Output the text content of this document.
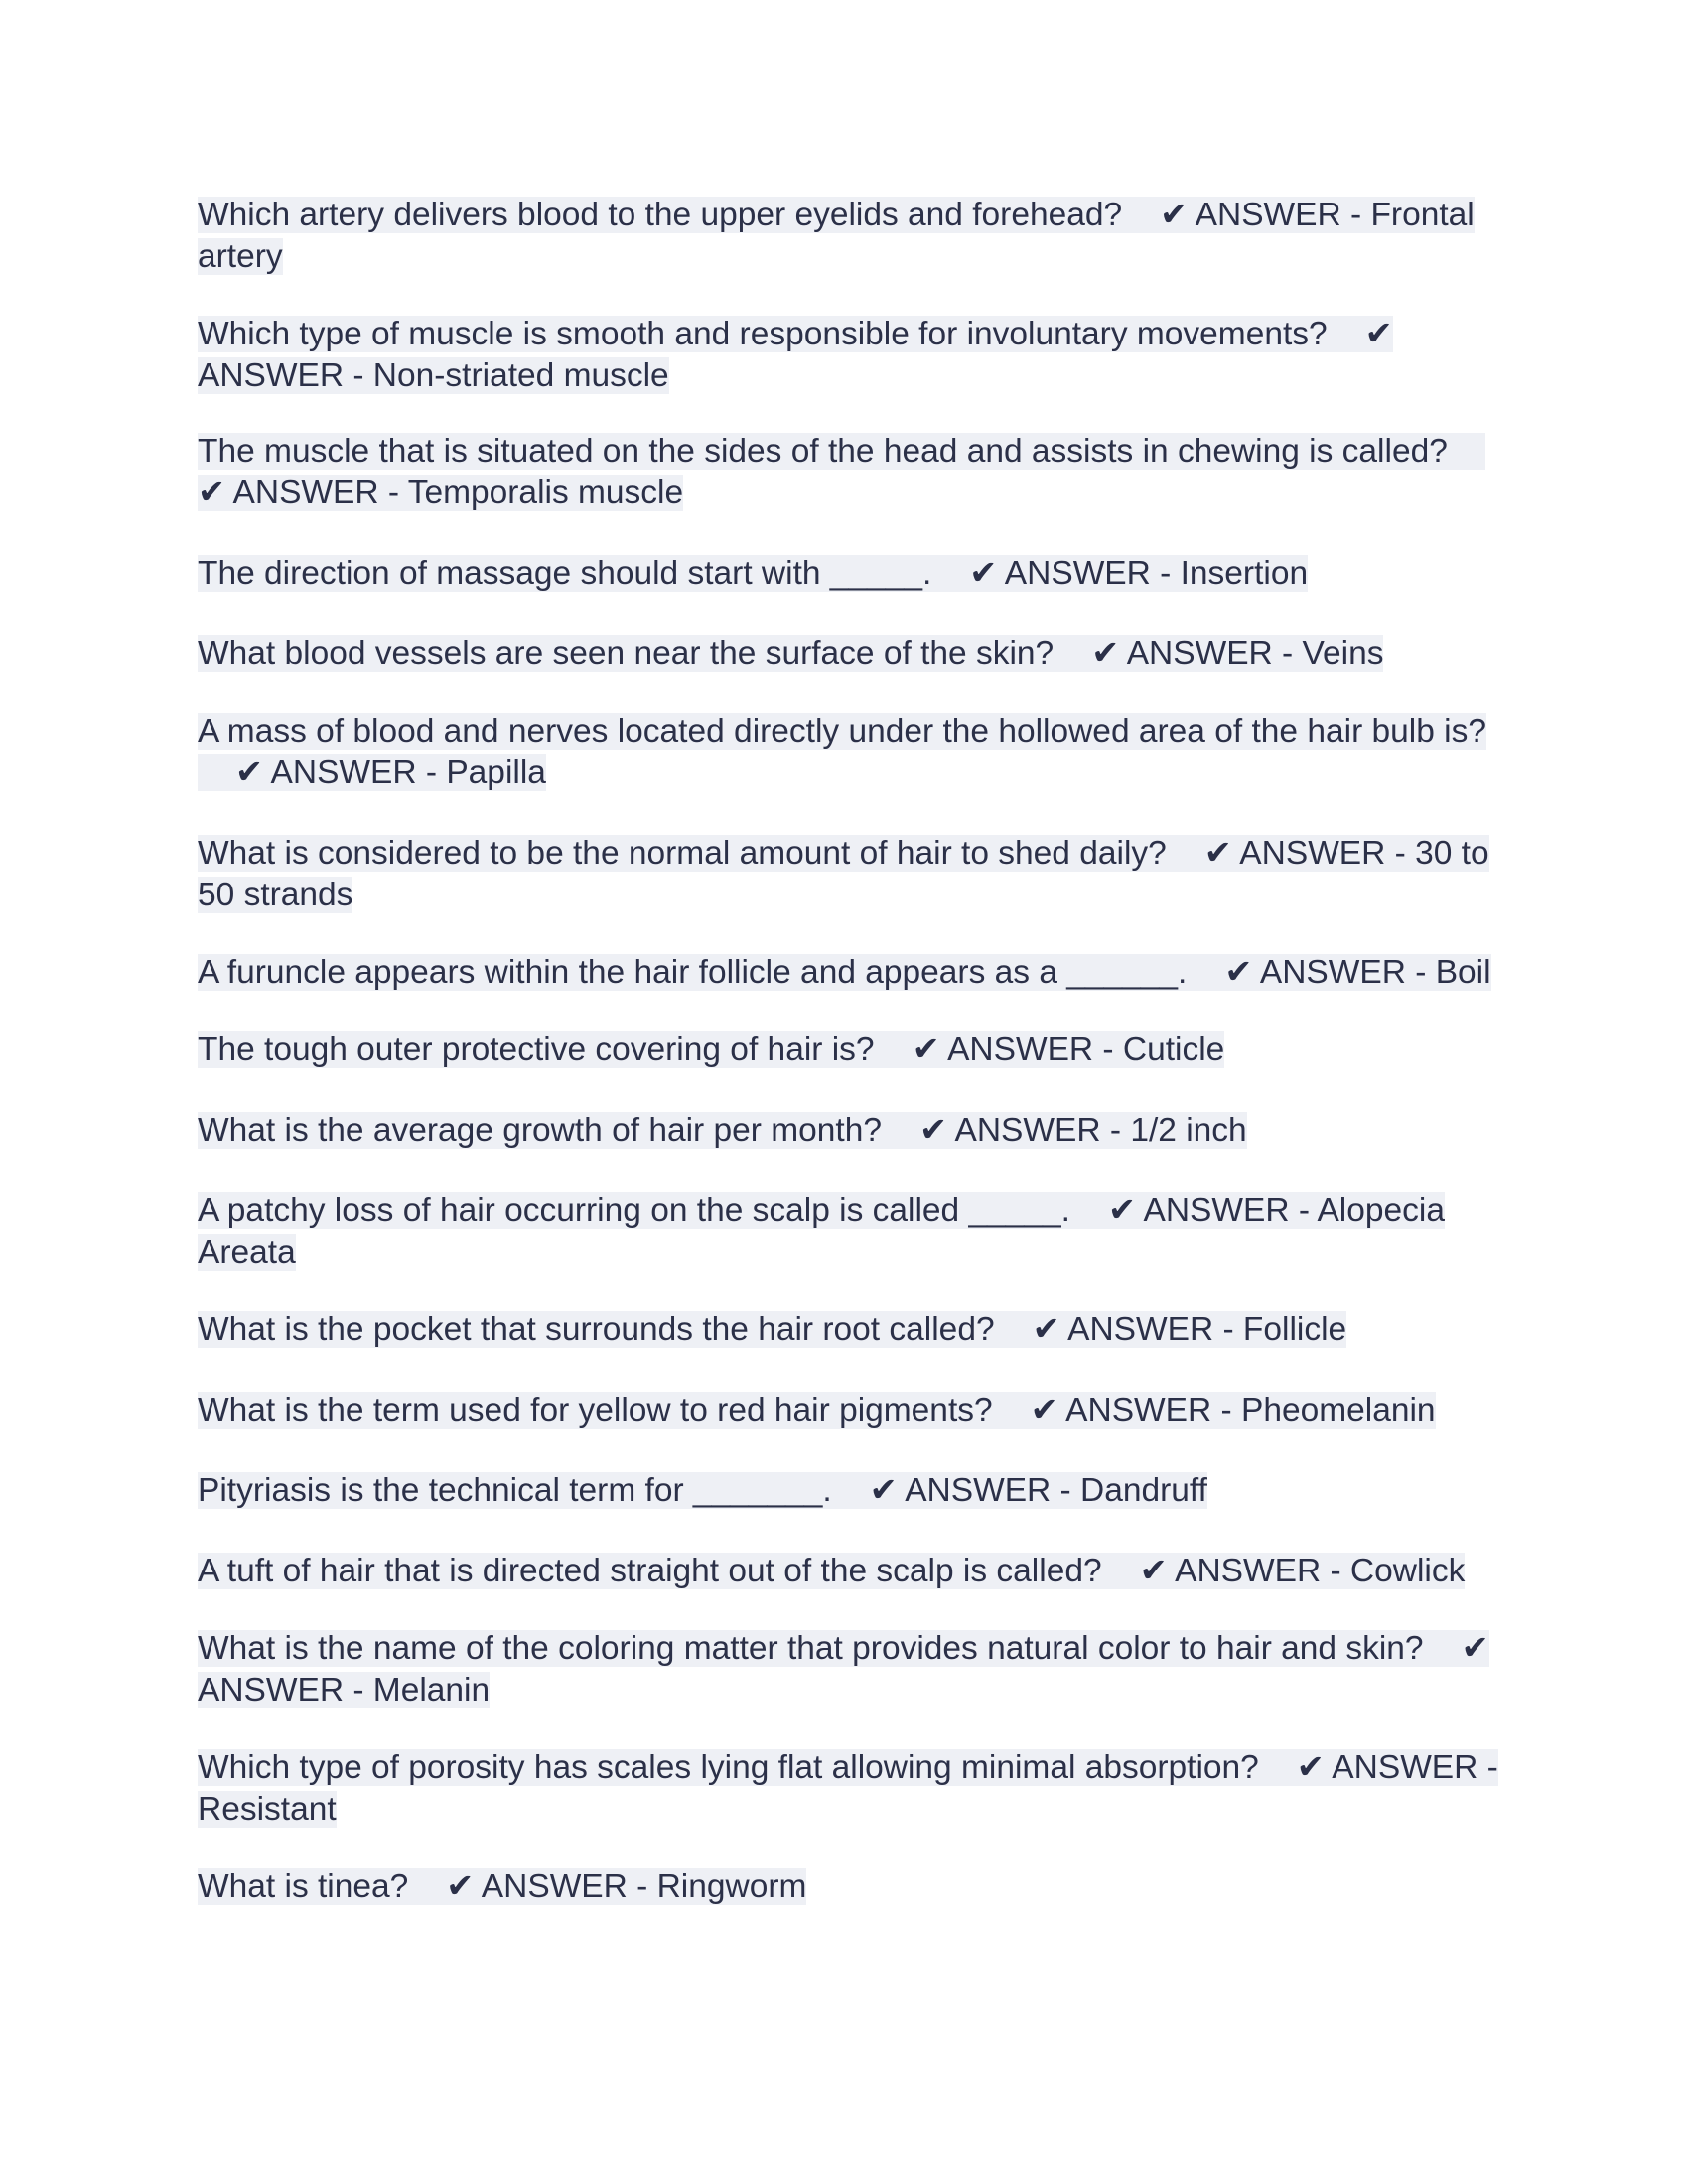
Which artery delivers blood to the upper eyelids and forehead? ✔ ANSWER - Frontal artery

Which type of muscle is smooth and responsible for involuntary movements? ✔ ANSWER - Non-striated muscle

The muscle that is situated on the sides of the head and assists in chewing is called?✔ ANSWER - Temporalis muscle

The direction of massage should start with _____. ✔ ANSWER - Insertion

What blood vessels are seen near the surface of the skin? ✔ ANSWER - Veins

A mass of blood and nerves located directly under the hollowed area of the hair bulb is?✔ ANSWER - Papilla

What is considered to be the normal amount of hair to shed daily? ✔ ANSWER - 30 to 50 strands

A furuncle appears within the hair follicle and appears as a ______. ✔ ANSWER - Boil

The tough outer protective covering of hair is? ✔ ANSWER - Cuticle

What is the average growth of hair per month? ✔ ANSWER - 1/2 inch

A patchy loss of hair occurring on the scalp is called _____. ✔ ANSWER - Alopecia Areata

What is the pocket that surrounds the hair root called? ✔ ANSWER - Follicle

What is the term used for yellow to red hair pigments? ✔ ANSWER - Pheomelanin

Pityriasis is the technical term for _______. ✔ ANSWER - Dandruff

A tuft of hair that is directed straight out of the scalp is called? ✔ ANSWER - Cowlick

What is the name of the coloring matter that provides natural color to hair and skin? ✔ ANSWER - Melanin

Which type of porosity has scales lying flat allowing minimal absorption? ✔ ANSWER - Resistant

What is tinea? ✔ ANSWER - Ringworm
